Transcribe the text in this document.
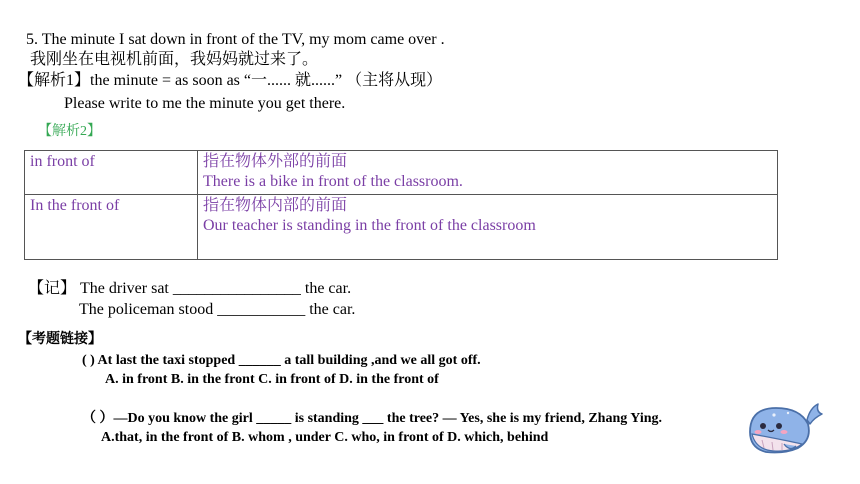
5. The minute I sat down in front of the TV, my mom came over .
我刚坐在电视机前面，我妈妈就过来了。
【解析1】the minute = as soon as “一...... 就......” （主将从现）
Please write to me the minute you get there.
【解析2】
in front of	指在物体外部的前面
There is a bike in front of the classroom.

In the front of	指在物体内部的前面
Our teacher is standing in the front of the classroom
【记】 The driver sat ________________ the car.
The policeman stood ___________ the car.
【考题链接】
( ) At last the taxi stopped ______ a tall building ,and we all got off.
A. in front B. in the front C. in front of D. in the front of
（ ）—Do you know the girl _____ is standing ___ the tree? — Yes, she is my friend, Zhang Ying.
A.that, in the front of B. whom , under C. who, in front of D. which, behind
